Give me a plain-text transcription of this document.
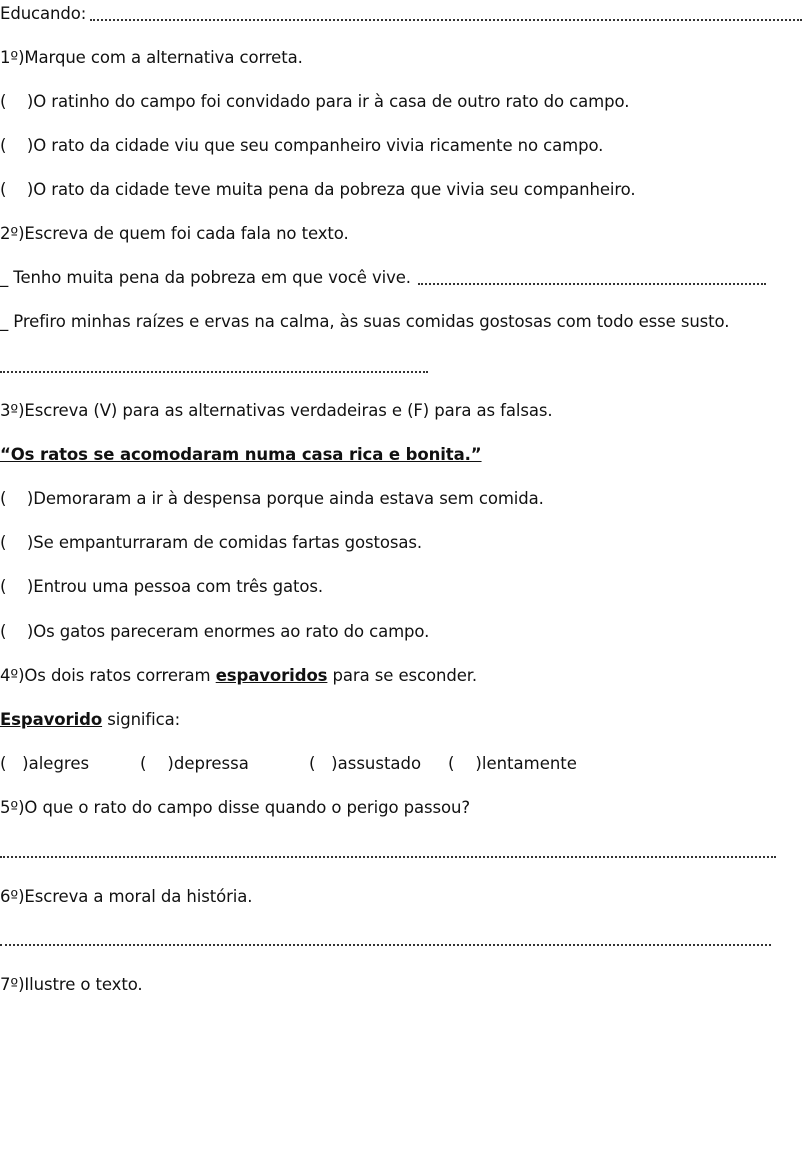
Educando:
1º)Marque com a alternativa correta.
(    )O ratinho do campo foi convidado para ir à casa de outro rato do campo.
(    )O rato da cidade viu que seu companheiro vivia ricamente no campo.
(    )O rato da cidade teve muita pena da pobreza que vivia seu companheiro.
2º)Escreva de quem foi cada fala no texto.
_ Tenho muita pena da pobreza em que você vive.
_ Prefiro minhas raízes e ervas na calma, às suas comidas gostosas com todo esse susto.
3º)Escreva (V) para as alternativas verdadeiras e (F) para as falsas.
“Os ratos se acomodaram numa casa rica e bonita.”
(    )Demoraram a ir à despensa porque ainda estava sem comida.
(    )Se empanturraram de comidas fartas gostosas.
(    )Entrou uma pessoa com três gatos.
(    )Os gatos pareceram enormes ao rato do campo.
4º)Os dois ratos correram espavoridos para se esconder.
Espavorido significa:
(   )alegres	(    )depressa	(   )assustado (    )lentamente
5º)O que o rato do campo disse quando o perigo passou?
6º)Escreva a moral da história.
7º)Ilustre o texto.
